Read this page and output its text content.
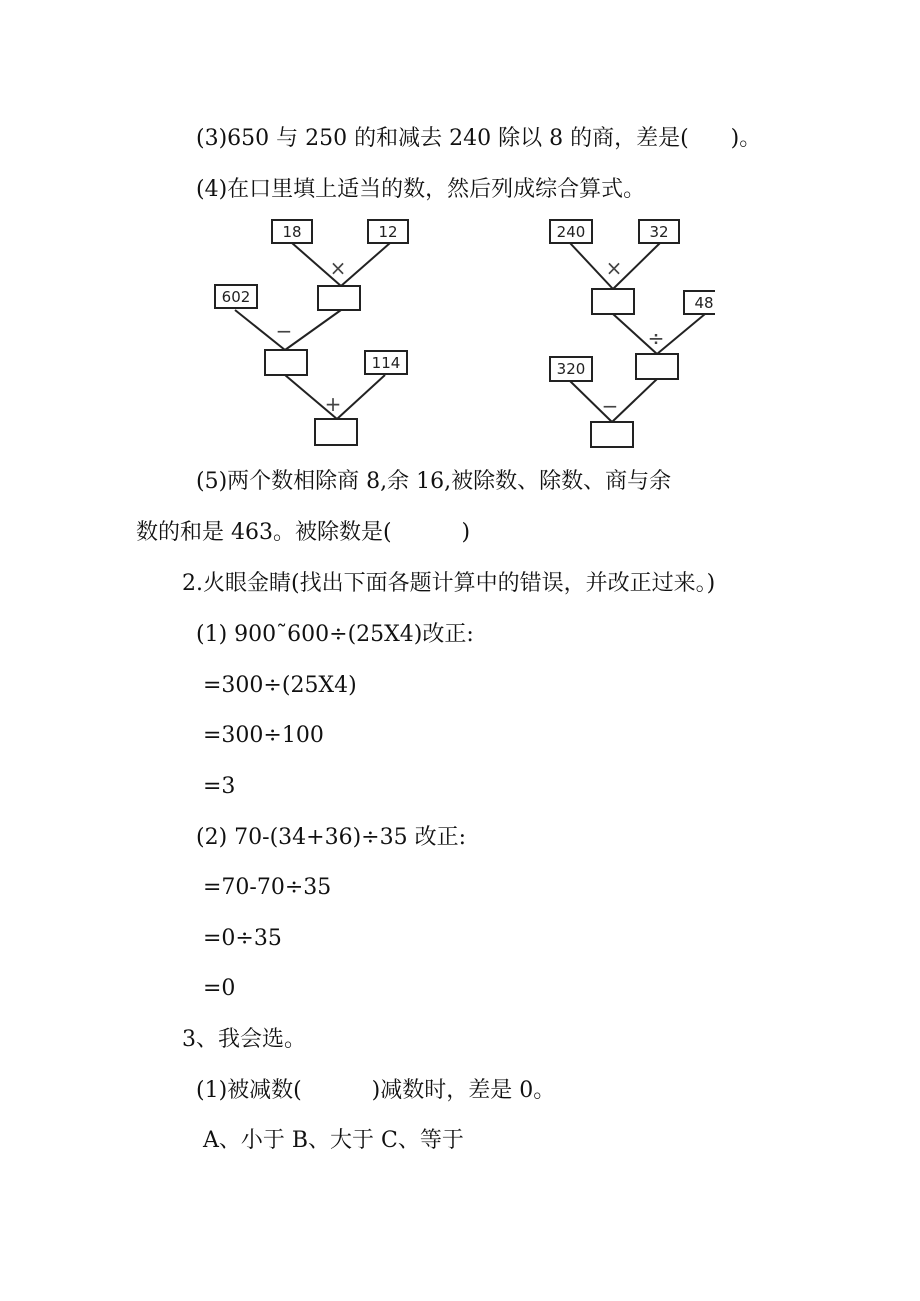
(3)650 与 250 的和减去 240 除以 8 的商，差是(      )。
(4)在口里填上适当的数，然后列成综合算式。
18	12
×
602
−
114
+
240	32
×
48
÷
320
−
(5)两个数相除商 8,余 16,被除数、除数、商与余
数的和是 463。被除数是(          )
2.火眼金睛(找出下面各题计算中的错误，并改正过来。)
(1) 900˜600÷(25X4)改正:
=300÷(25X4)
=300÷100
=3
(2) 70-(34+36)÷35 改正:
=70-70÷35
=0÷35
=0
3、我会选。
(1)被减数(          )减数时，差是 0。
A、小于 B、大于 C、等于
